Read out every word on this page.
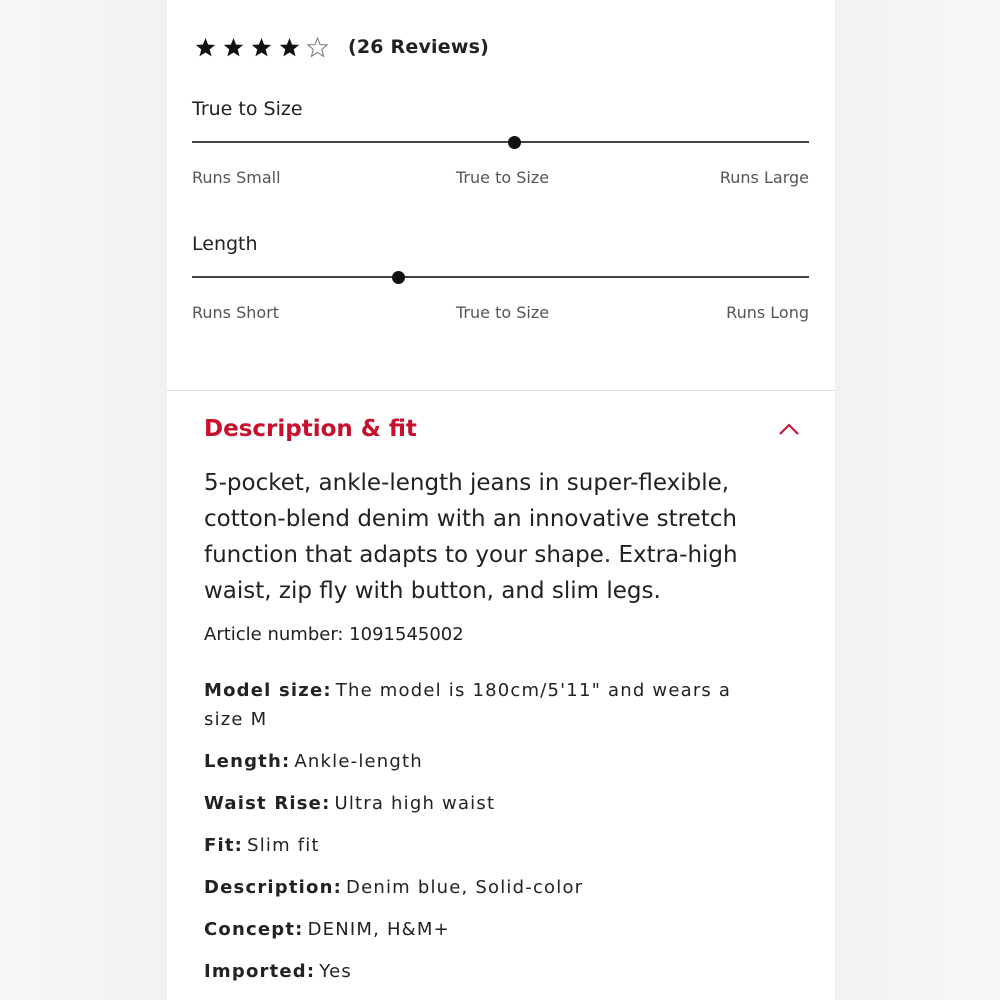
(26 Reviews)
True to Size
Runs Small	True to Size	Runs Large
Length
Runs Short	True to Size	Runs Long
Description & fit
5-pocket, ankle-length jeans in super-flexible, cotton-blend denim with an innovative stretch function that adapts to your shape. Extra-high waist, zip fly with button, and slim legs.
Article number: 1091545002
Model size: The model is 180cm/5'11" and wears a size M
Length: Ankle-length
Waist Rise: Ultra high waist
Fit: Slim fit
Description: Denim blue, Solid-color
Concept: DENIM, H&M+
Imported: Yes
